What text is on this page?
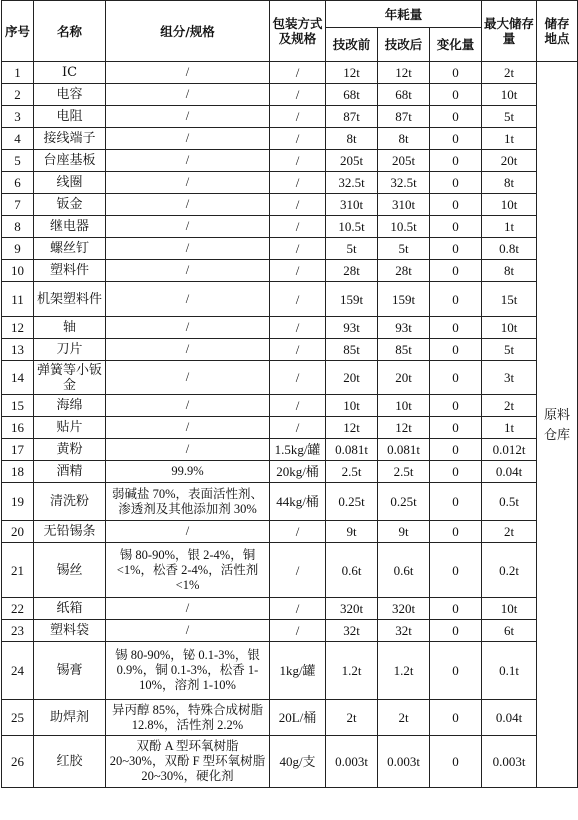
序号	名称	组分/规格	包装方式及规格	年耗量			最大储存量	储存地点
				技改前	技改后	变化量		
1	IC	/	/	12t	12t	0	2t	原料仓库
2	电容	/	/	68t	68t	0	10t	
3	电阻	/	/	87t	87t	0	5t	
4	接线端子	/	/	8t	8t	0	1t	
5	台座基板	/	/	205t	205t	0	20t	
6	线圈	/	/	32.5t	32.5t	0	8t	
7	钣金	/	/	310t	310t	0	10t	
8	继电器	/	/	10.5t	10.5t	0	1t	
9	螺丝钉	/	/	5t	5t	0	0.8t	
10	塑料件	/	/	28t	28t	0	8t	
11	机架塑料件	/	/	159t	159t	0	15t	
12	轴	/	/	93t	93t	0	10t	
13	刀片	/	/	85t	85t	0	5t	
14	弹簧等小钣金	/	/	20t	20t	0	3t	
15	海绵	/	/	10t	10t	0	2t	
16	贴片	/	/	12t	12t	0	1t	
17	黄粉	/	1.5kg/罐	0.081t	0.081t	0	0.012t	
18	酒精	99.9%	20kg/桶	2.5t	2.5t	0	0.04t	
19	清洗粉	弱碱盐 70%，表面活性剂、渗透剂及其他添加剂 30%	44kg/桶	0.25t	0.25t	0	0.5t	
20	无铅锡条	/	/	9t	9t	0	2t	
21	锡丝	锡 80-90%，银 2-4%，铜 <1%，松香 2-4%，活性剂 <1%	/	0.6t	0.6t	0	0.2t	
22	纸箱	/	/	320t	320t	0	10t	
23	塑料袋	/	/	32t	32t	0	6t	
24	锡膏	锡 80-90%，铋 0.1-3%，银 0.9%，铜 0.1-3%，松香 1-10%，溶剂 1-10%	1kg/罐	1.2t	1.2t	0	0.1t	
25	助焊剂	异丙醇 85%，特殊合成树脂 12.8%，活性剂 2.2%	20L/桶	2t	2t	0	0.04t	
26	红胶	双酚 A 型环氧树脂 20~30%，双酚 F 型环氧树脂 20~30%，硬化剂	40g/支	0.003t	0.003t	0	0.003t	
